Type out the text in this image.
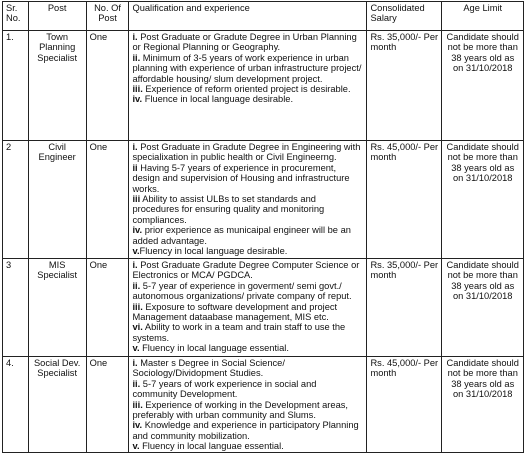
Sr. No.	Post	No. Of Post	Qualification and experience	Consolidated Salary	Age Limit
1.	Town Planning Specialist	One	i. Post Graduate or Gradute Degree in Urban Planning or Regional Planning or Geography.
ii. Minimum of 3-5 years of work experience in urban planning with experience of urban infrastructure project/ affordable housing/ slum development project.
iii. Experience of reform oriented project is desirable.
iv. Fluence in local language desirable.	Rs. 35,000/- Per month	Candidate should not be more than 38 years old as on 31/10/2018
2	Civil Engineer	One	i. Post Graduate in Gradute Degree in Engineering with specialixation in public health or Civil Engineerng.
ii Having 5-7 years of experience in procurement, design and supervision of Housing and infrastructure works.
iii Ability to assist ULBs to set standards and procedures for ensuring quality and monitoring compliances.
iv. prior experience as municaipal engineer will be an added advantage.
v.Fluency in local language desirable.	Rs. 45,000/- Per month	Candidate should not be more than 38 years old as on 31/10/2018
3	MIS Specialist	One	i. Post Graduate Gradute Degree Computer Science or Electronics or MCA/ PGDCA.
ii. 5-7 year of experience in goverment/ semi govt./ autonomous organizations/ private company of reput.
iii. Exposure to software development and project Management dataabase management, MIS etc.
vi. Ability to work in a team and train staff to use the systems.
v. Fluency in local language essential.	Rs. 35,000/- Per month	Candidate should not be more than 38 years old as on 31/10/2018
4.	Social Dev. Specialist	One	i. Master s Degree in Social Science/ Sociology/Dividopment Studies.
ii. 5-7 years of work experience in social and community Development.
iii. Experience of working in the Development areas, preferably with urban community and Slums.
iv. Knowledge and experience in participatory Planning and community mobilization.
v. Fluency in local languae essential.	Rs. 45,000/- Per month	Candidate should not be more than 38 years old as on 31/10/2018
